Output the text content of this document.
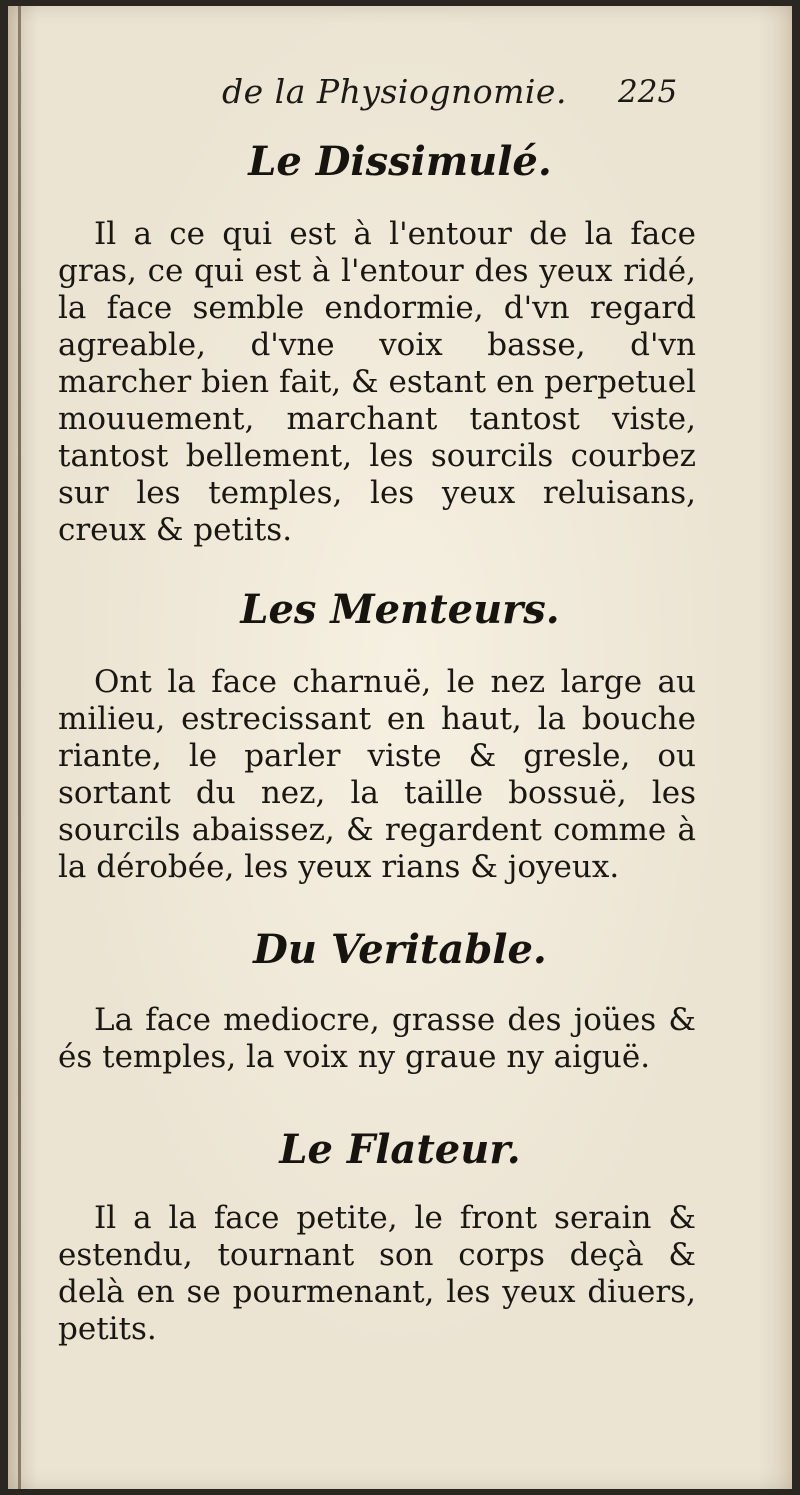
de la Physiognomie. 225
Le Dissimulé.

Il a ce qui est à l'entour de la face gras, ce qui est à l'entour des yeux ridé, la face semble endormie, d'vn regard agreable, d'vne voix basse, d'vn marcher bien fait, & estant en perpetuel mouuement, marchant tantost viste, tantost bellement, les sourcils courbez sur les temples, les yeux reluisans, creux & petits.

Les Menteurs.

Ont la face charnuë, le nez large au milieu, estrecissant en haut, la bouche riante, le parler viste & gresle, ou sortant du nez, la taille bossuë, les sourcils abaissez, & regardent comme à la dérobée, les yeux rians & joyeux.

Du Veritable.

La face mediocre, grasse des joües & és temples, la voix ny graue ny aiguë.

Le Flateur.

Il a la face petite, le front serain & estendu, tournant son corps deçà & delà en se pourmenant, les yeux diuers, petits.
